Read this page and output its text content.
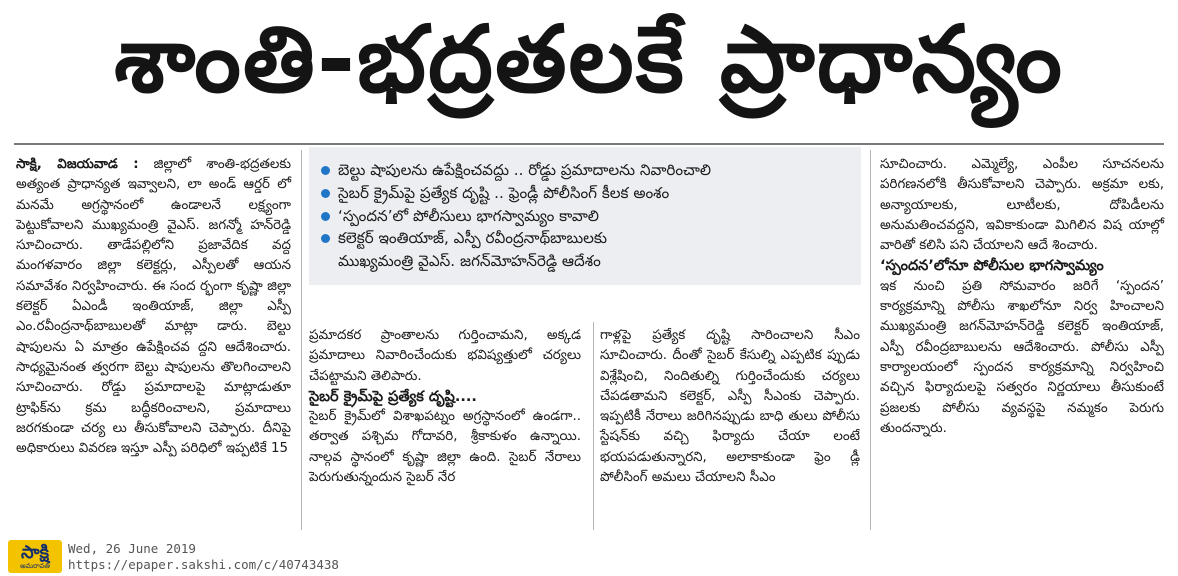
శాంతి-భద్రతలకే ప్రాధాన్యం

సాక్షి, విజయవాడ : జిల్లాలో శాంతి-భద్రతలకు అత్యంత ప్రాధాన్యత ఇవ్వాలని, లా అండ్ ఆర్డర్ లో మనమే అగ్రస్థానంలో ఉండాలనే లక్ష్యంగా పెట్టుకోవాలని ముఖ్యమంత్రి వైఎస్. జగన్మో హన్‌రెడ్డి సూచించారు. తాడేపల్లిలోని ప్రజావేదిక వద్ద మంగళవారం జిల్లా కలెక్టర్లు, ఎస్పీలతో ఆయన సమావేశం నిర్వహించారు. ఈ సంద ర్భంగా కృష్ణా జిల్లా కలెక్టర్ ఏఎండీ ఇంతియాజ్, జిల్లా ఎస్పీ ఎం.రవీంద్రనాథ్‌బాబులతో మాట్లా డారు. బెల్టు షాపులను ఏ మాత్రం ఉపేక్షించవ ద్దని ఆదేశించారు. సాధ్యమైనంత త్వరగా బెల్టు షాపులను తొలగించాలని సూచించారు. రోడ్డు ప్రమాదాలపై మాట్లాడుతూ ట్రాఫిక్‌ను క్రమ బద్ధీకరించాలని, ప్రమాదాలు జరగకుండా చర్య లు తీసుకోవాలని చెప్పారు. దీనిపై అధికారులు వివరణ ఇస్తూ ఎస్పీ పరిధిలో ఇప్పటికే 15

బెల్టు షాపులను ఉపేక్షించవద్దు .. రోడ్డు ప్రమాదాలను నివారించాలి
సైబర్ క్రైమ్‌పై ప్రత్యేక దృష్టి .. ఫ్రెండ్లీ పోలీసింగ్ కీలక అంశం
‘స్పందన’లో పోలీసులు భాగస్వామ్యం కావాలి
కలెక్టర్ ఇంతియాజ్, ఎస్పీ రవీంద్రనాథ్‌బాబులకు
ముఖ్యమంత్రి వైఎస్. జగన్‌మోహన్‌రెడ్డి ఆదేశం

ప్రమాదకర ప్రాంతాలను గుర్తించామని, అక్కడ ప్రమాదాలు నివారించేందుకు భవిష్యత్తులో చర్యలు చేపట్టామని తెలిపారు.

సైబర్ క్రైమ్‌పై ప్రత్యేక దృష్టి....

సైబర్ క్రైమ్‌లో విశాఖపట్నం అగ్రస్థానంలో ఉండగా.. తర్వాత పశ్చిమ గోదావరి, శ్రీకాకుళం ఉన్నాయి. నాల్గవ స్థానంలో కృష్ణా జిల్లా ఉంది. సైబర్ నేరాలు పెరుగుతున్నందున సైబర్ నేర

గాళ్లపై ప్రత్యేక దృష్టి సారించాలని సీఎం సూచించారు. దీంతో సైబర్ కేసుల్ని ఎప్పటిక ప్పుడు విశ్లేషించి, నిందితుల్ని గుర్తించేందుకు చర్యలు చేపడతామని కలెక్టర్, ఎస్పీ సీఎంకు చెప్పారు. ఇప్పటికీ నేరాలు జరిగినప్పుడు బాధి తులు పోలీసు స్టేషన్‌కు వచ్చి ఫిర్యాదు చేయా లంటే భయపడుతున్నారని, అలాకాకుండా ఫ్రెం డ్లీ పోలీసింగ్ అమలు చేయాలని సీఎం

సూచించారు. ఎమ్మెల్యే, ఎంపీల సూచనలను పరిగణనలోకి తీసుకోవాలని చెప్పారు. అక్రమా లకు, అన్యాయాలకు, లూటీలకు, దోపిడీలను అనుమతించవద్దని, ఇవికాకుండా మిగిలిన విష యాల్లో వారితో కలిసి పని చేయాలని ఆదే శించారు.

‘స్పందన’లోనూ పోలీసుల భాగస్వామ్యం

ఇక నుంచి ప్రతి సోమవారం జరిగే ‘స్పందన’ కార్యక్రమాన్ని పోలీసు శాఖలోనూ నిర్వ హించాలని ముఖ్యమంత్రి జగన్‌మోహన్‌రెడ్డి కలెక్టర్ ఇంతియాజ్, ఎస్పీ రవీంద్రబాబులను ఆదేశించారు. పోలీసు ఎస్పీ కార్యాలయంలో స్పందన కార్యక్రమాన్ని నిర్వహించి వచ్చిన ఫిర్యాదులపై సత్వరం నిర్ణయాలు తీసుకుంటే ప్రజలకు పోలీసు వ్యవస్థపై నమ్మకం పెరుగు తుందన్నారు.

సాక్షి
అమరావతి
Wed, 26 June 2019
https://epaper.sakshi.com/c/40743438
